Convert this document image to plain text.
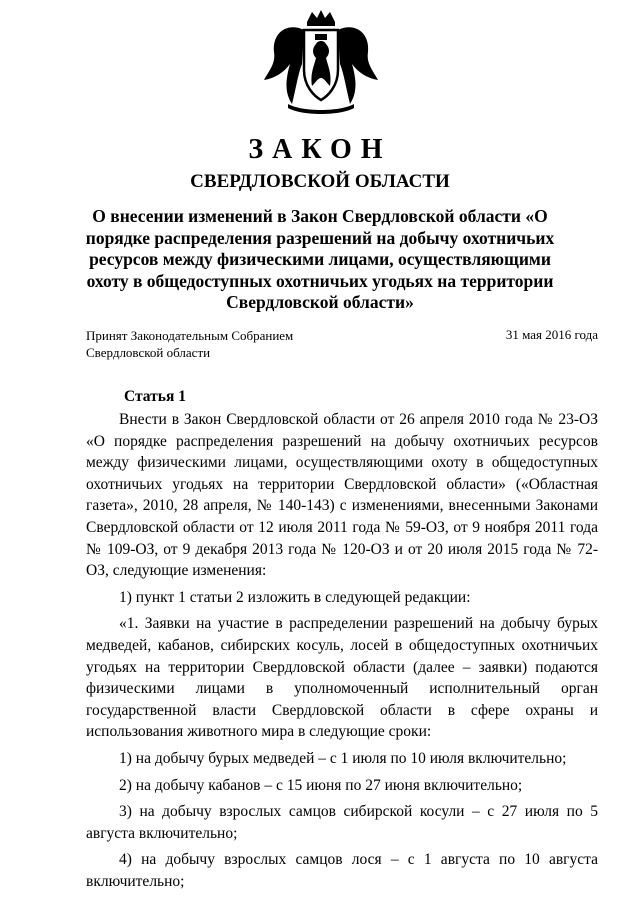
ЗАКОН
СВЕРДЛОВСКОЙ ОБЛАСТИ
О внесении изменений в Закон Свердловской области «О порядке распределения разрешений на добычу охотничьих ресурсов между физическими лицами, осуществляющими охоту в общедоступных охотничьих угодьях на территории Свердловской области»
Принят Законодательным Собранием Свердловской области
31 мая 2016 года
Статья 1

Внести в Закон Свердловской области от 26 апреля 2010 года № 23-ОЗ «О порядке распределения разрешений на добычу охотничьих ресурсов между физическими лицами, осуществляющими охоту в общедоступных охотничьих угодьях на территории Свердловской области» («Областная газета», 2010, 28 апреля, № 140-143) с изменениями, внесенными Законами Свердловской области от 12 июля 2011 года № 59-ОЗ, от 9 ноября 2011 года № 109-ОЗ, от 9 декабря 2013 года № 120-ОЗ и от 20 июля 2015 года № 72-ОЗ, следующие изменения:

1) пункт 1 статьи 2 изложить в следующей редакции:

«1. Заявки на участие в распределении разрешений на добычу бурых медведей, кабанов, сибирских косуль, лосей в общедоступных охотничьих угодьях на территории Свердловской области (далее – заявки) подаются физическими лицами в уполномоченный исполнительный орган государственной власти Свердловской области в сфере охраны и использования животного мира в следующие сроки:

1) на добычу бурых медведей – с 1 июля по 10 июля включительно;

2) на добычу кабанов – с 15 июня по 27 июня включительно;

3) на добычу взрослых самцов сибирской косули – с 27 июля по 5 августа включительно;

4) на добычу взрослых самцов лося – с 1 августа по 10 августа включительно;
